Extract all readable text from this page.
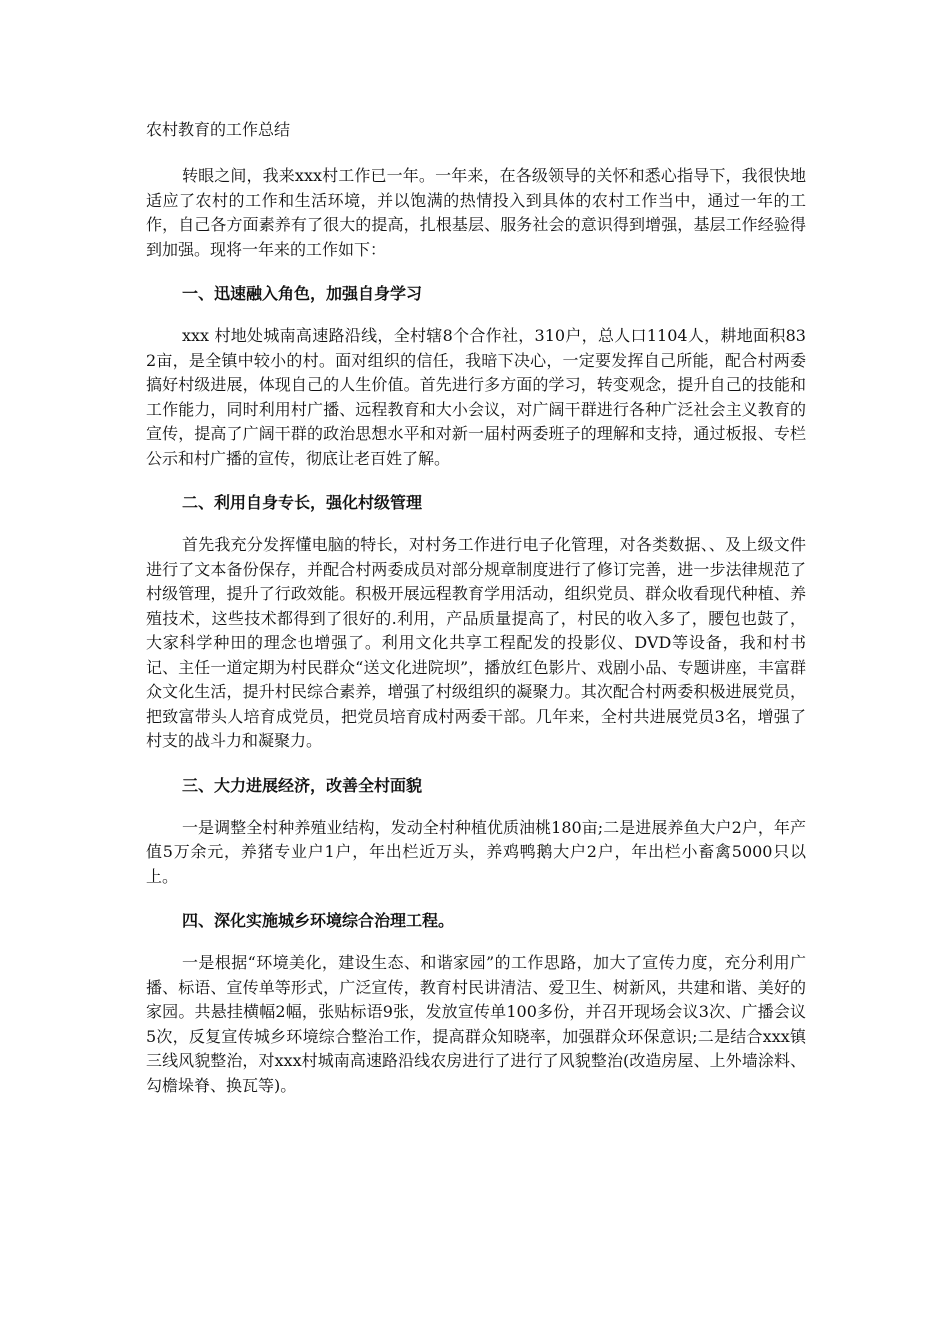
农村教育的工作总结

转眼之间，我来xxx村工作已一年。一年来，在各级领导的关怀和悉心指导下，我很快地适应了农村的工作和生活环境，并以饱满的热情投入到具体的农村工作当中，通过一年的工作，自己各方面素养有了很大的提高，扎根基层、服务社会的意识得到增强，基层工作经验得到加强。现将一年来的工作如下：

一、迅速融入角色，加强自身学习

xxx 村地处城南高速路沿线，全村辖8个合作社，310户，总人口1104人，耕地面积832亩，是全镇中较小的村。面对组织的信任，我暗下决心，一定要发挥自己所能，配合村两委搞好村级进展，体现自己的人生价值。首先进行多方面的学习，转变观念，提升自己的技能和工作能力，同时利用村广播、远程教育和大小会议，对广阔干群进行各种广泛社会主义教育的宣传，提高了广阔干群的政治思想水平和对新一届村两委班子的理解和支持，通过板报、专栏公示和村广播的宣传，彻底让老百姓了解。

二、利用自身专长，强化村级管理

首先我充分发挥懂电脑的特长，对村务工作进行电子化管理，对各类数据、、及上级文件进行了文本备份保存，并配合村两委成员对部分规章制度进行了修订完善，进一步法律规范了村级管理，提升了行政效能。积极开展远程教育学用活动，组织党员、群众收看现代种植、养殖技术，这些技术都得到了很好的.利用，产品质量提高了，村民的收入多了，腰包也鼓了，大家科学种田的理念也增强了。利用文化共享工程配发的投影仪、DVD等设备，我和村书记、主任一道定期为村民群众“送文化进院坝”，播放红色影片、戏剧小品、专题讲座，丰富群众文化生活，提升村民综合素养，增强了村级组织的凝聚力。其次配合村两委积极进展党员，把致富带头人培育成党员，把党员培育成村两委干部。几年来，全村共进展党员3名，增强了村支的战斗力和凝聚力。

三、大力进展经济，改善全村面貌

一是调整全村种养殖业结构，发动全村种植优质油桃180亩;二是进展养鱼大户2户，年产值5万余元，养猪专业户1户，年出栏近万头，养鸡鸭鹅大户2户，年出栏小畜禽5000只以上。

四、深化实施城乡环境综合治理工程。

一是根据“环境美化，建设生态、和谐家园”的工作思路，加大了宣传力度，充分利用广播、标语、宣传单等形式，广泛宣传，教育村民讲清洁、爱卫生、树新风，共建和谐、美好的家园。共悬挂横幅2幅，张贴标语9张，发放宣传单100多份，并召开现场会议3次、广播会议5次，反复宣传城乡环境综合整治工作，提高群众知晓率，加强群众环保意识;二是结合xxx镇三线风貌整治，对xxx村城南高速路沿线农房进行了进行了风貌整治(改造房屋、上外墙涂料、勾檐垛脊、换瓦等)。
